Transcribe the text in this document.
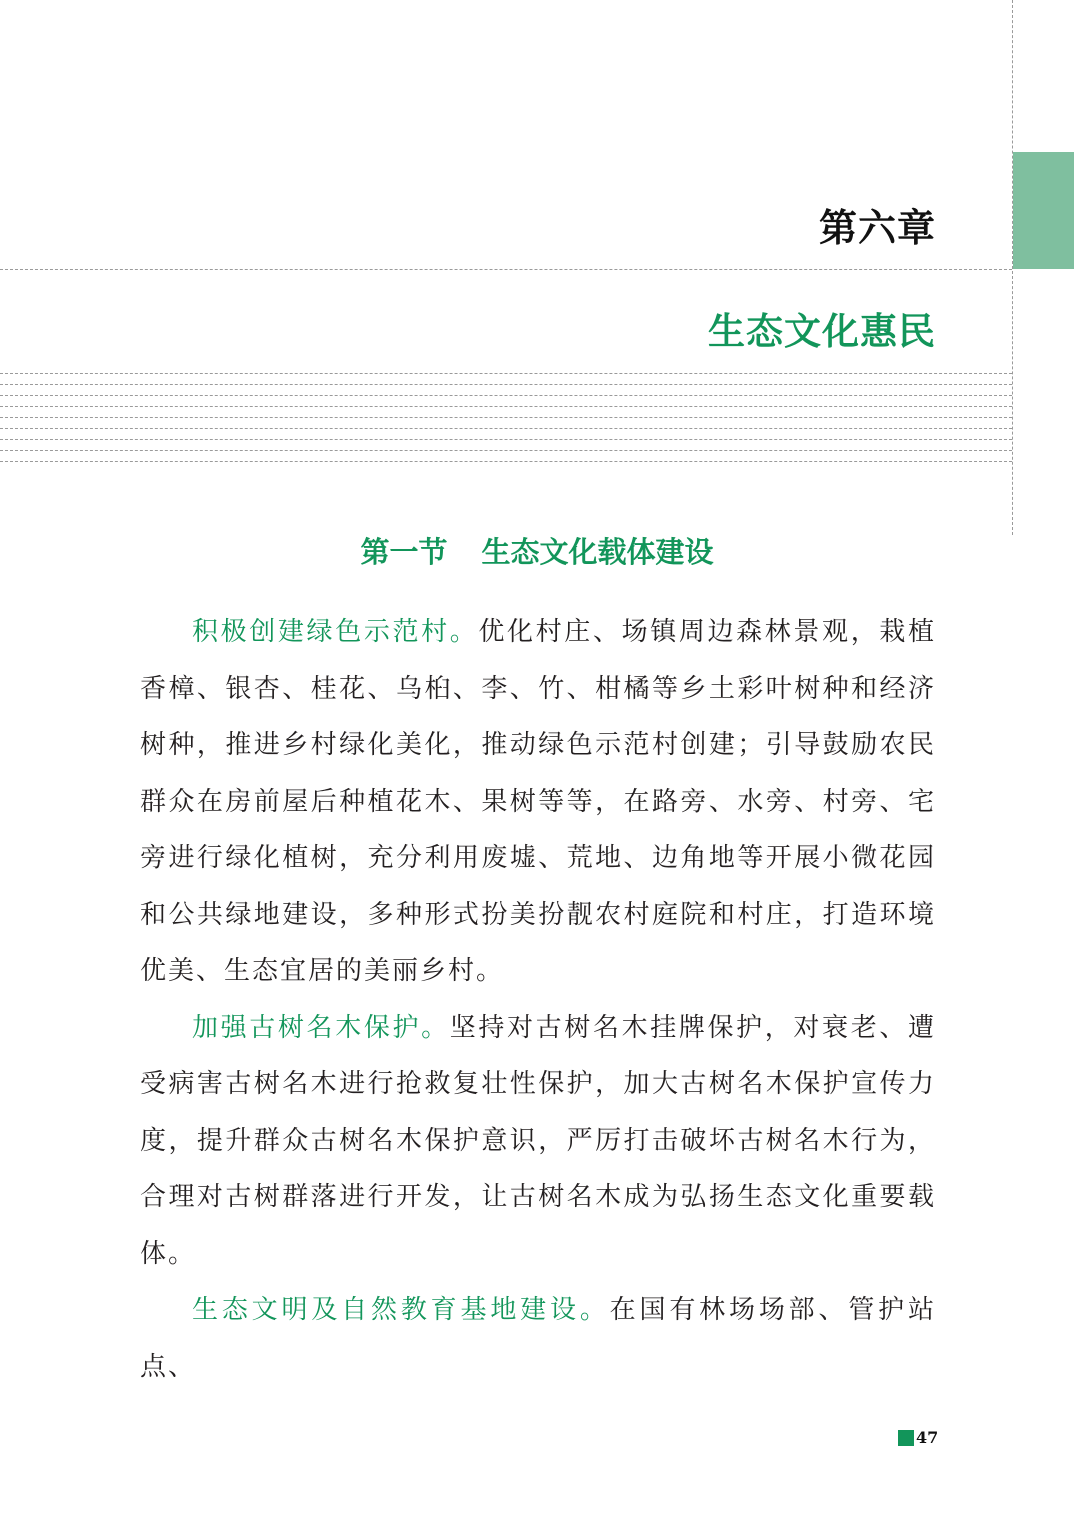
第六章
生态文化惠民
第一节 生态文化载体建设

积极创建绿色示范村。优化村庄、场镇周边森林景观，栽植香樟、银杏、桂花、乌桕、李、竹、柑橘等乡土彩叶树种和经济树种，推进乡村绿化美化，推动绿色示范村创建；引导鼓励农民群众在房前屋后种植花木、果树等等，在路旁、水旁、村旁、宅旁进行绿化植树，充分利用废墟、荒地、边角地等开展小微花园和公共绿地建设，多种形式扮美扮靓农村庭院和村庄，打造环境优美、生态宜居的美丽乡村。

加强古树名木保护。坚持对古树名木挂牌保护，对衰老、遭受病害古树名木进行抢救复壮性保护，加大古树名木保护宣传力度，提升群众古树名木保护意识，严厉打击破坏古树名木行为，合理对古树群落进行开发，让古树名木成为弘扬生态文化重要载体。

生态文明及自然教育基地建设。在国有林场场部、管护站点、

47
